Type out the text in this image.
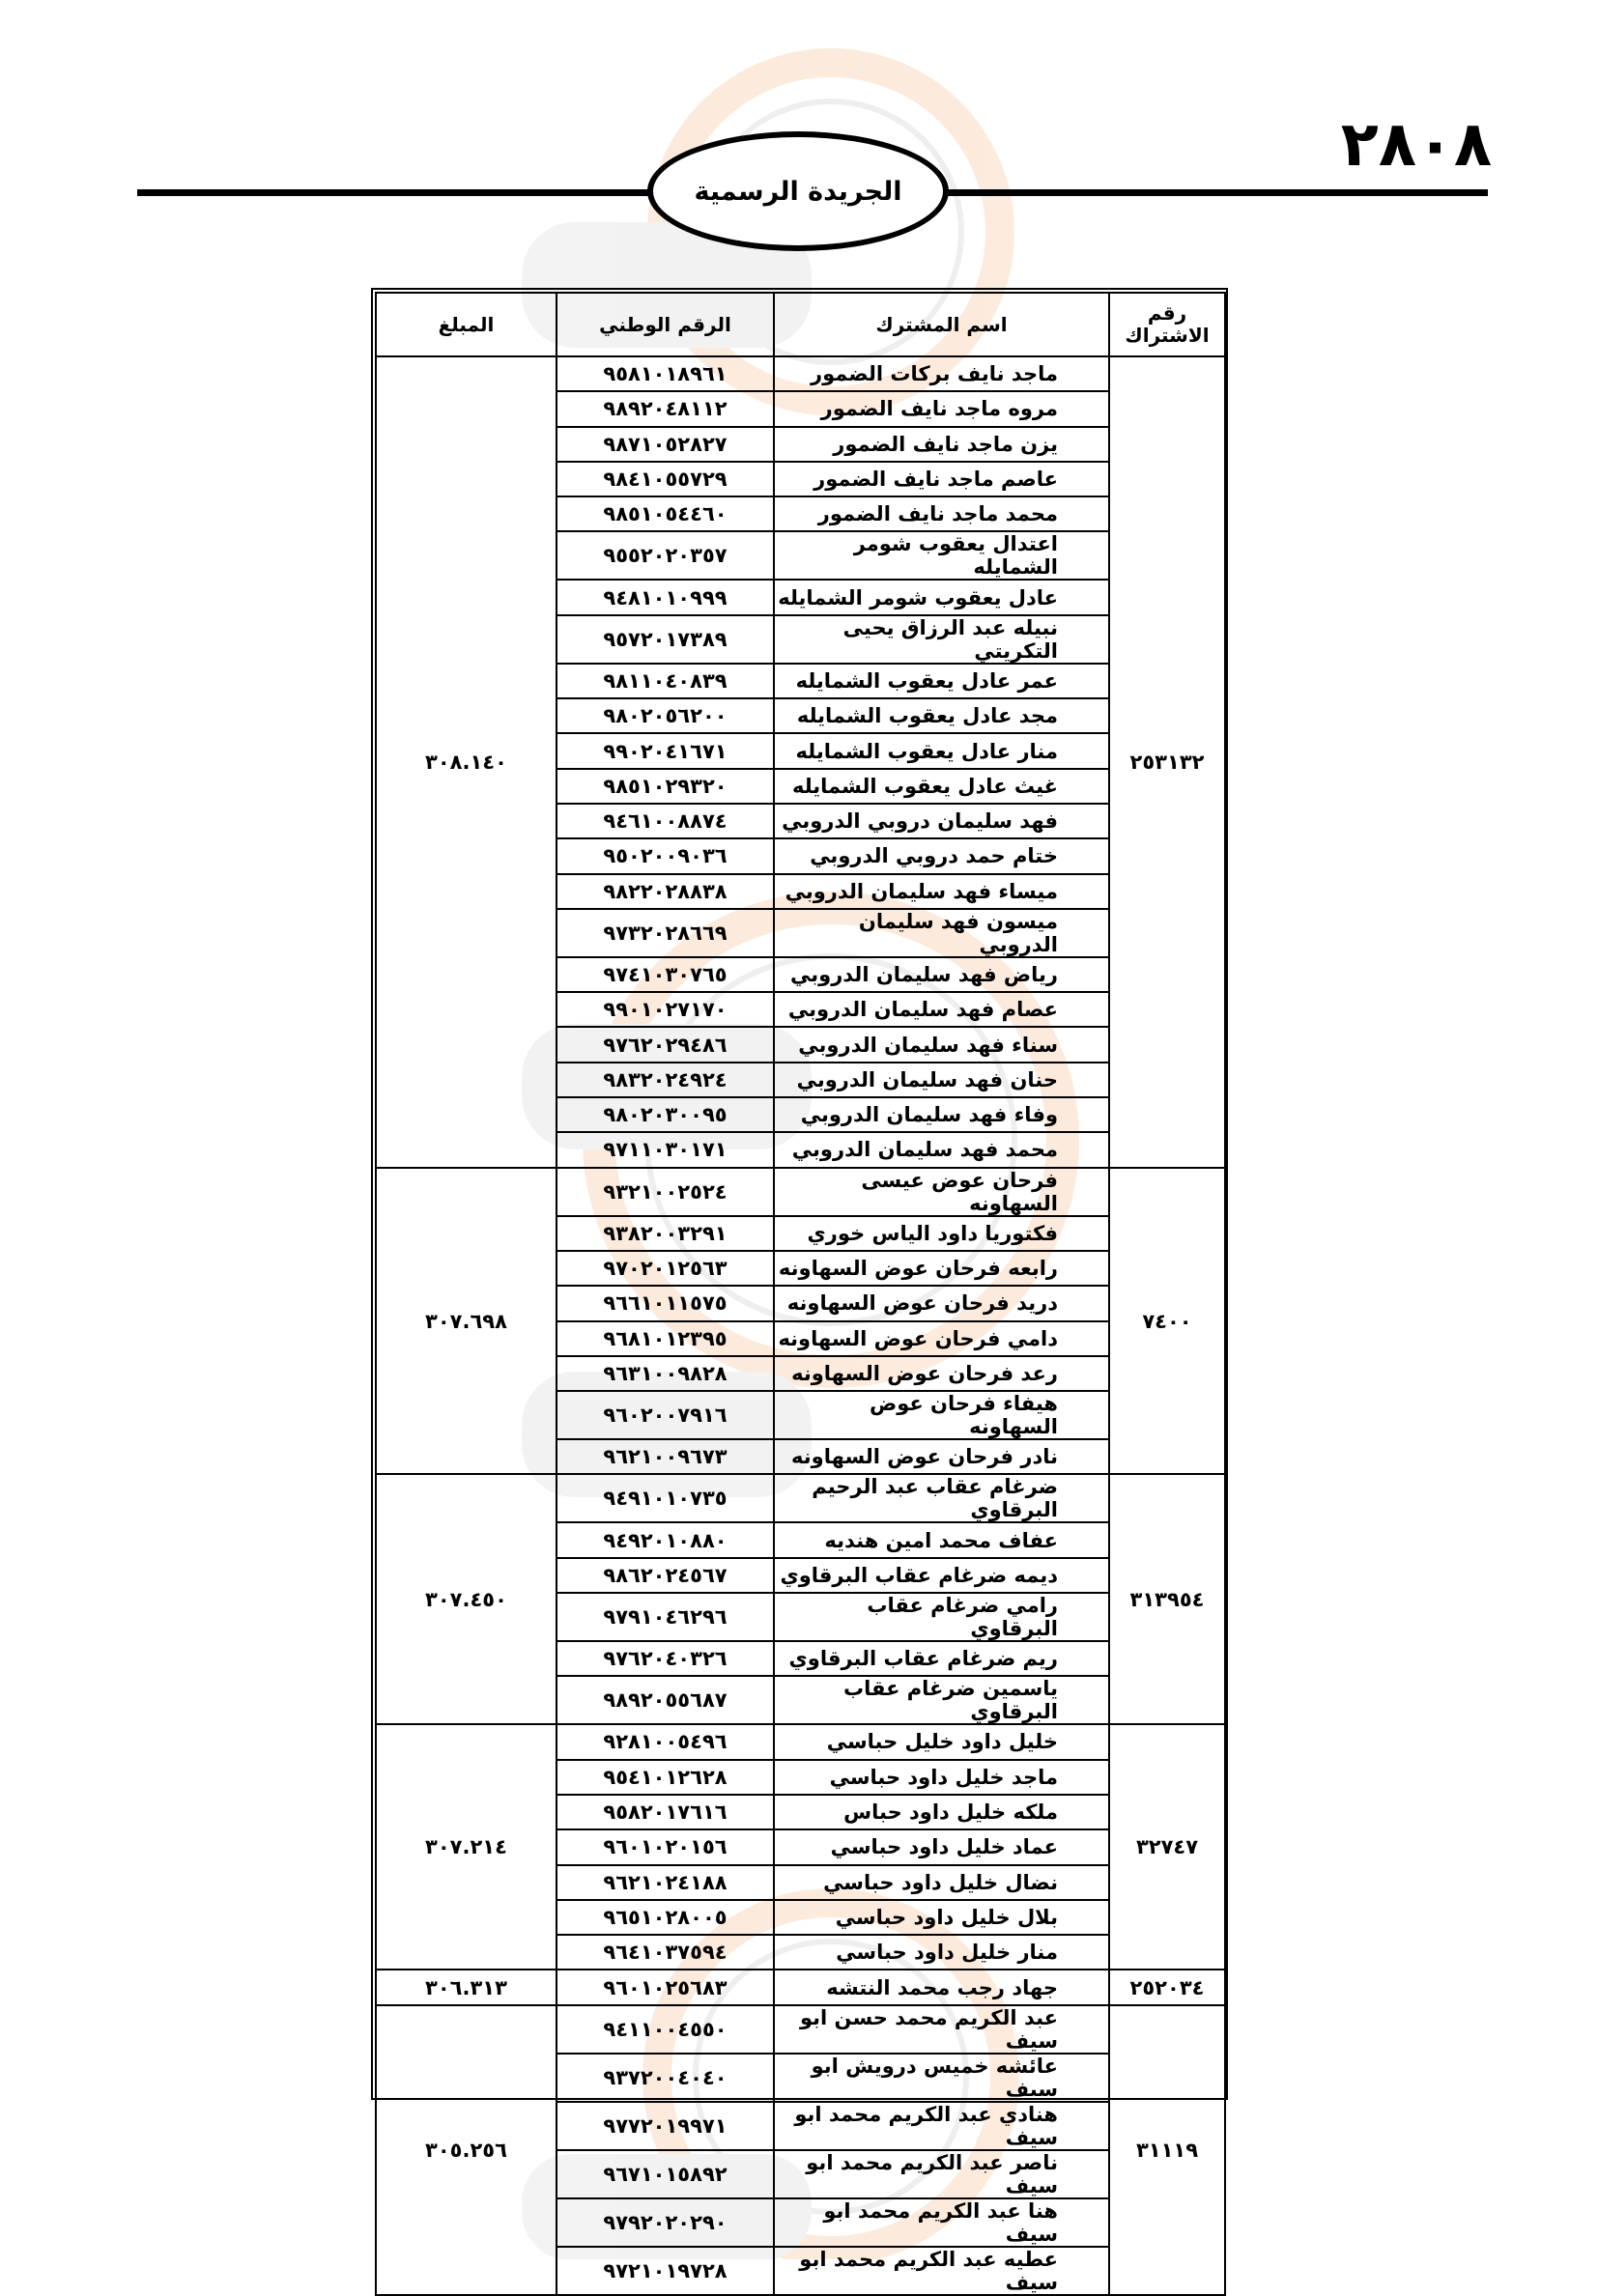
٢٨٠٨
الجريدة الرسمية
رقم الاشتراك	اسم المشترك	الرقم الوطني	المبلغ
٢٥٣١٣٢	ماجد نايف بركات الضمور	٩٥٨١٠١٨٩٦١	٣٠٨.١٤٠
	مروه ماجد نايف الضمور	٩٨٩٢٠٤٨١١٢	
	يزن ماجد نايف الضمور	٩٨٧١٠٥٢٨٢٧	
	عاصم ماجد نايف الضمور	٩٨٤١٠٥٥٧٢٩	
	محمد ماجد نايف الضمور	٩٨٥١٠٥٤٤٦٠	
	اعتدال يعقوب شومر الشمايله	٩٥٥٢٠٢٠٣٥٧	
	عادل يعقوب شومر الشمايله	٩٤٨١٠١٠٩٩٩	
	نبيله عبد الرزاق يحيى التكريتي	٩٥٧٢٠١٧٣٨٩	
	عمر عادل يعقوب الشمايله	٩٨١١٠٤٠٨٣٩	
	مجد عادل يعقوب الشمايله	٩٨٠٢٠٥٦٢٠٠	
	منار عادل يعقوب الشمايله	٩٩٠٢٠٤١٦٧١	
	غيث عادل يعقوب الشمايله	٩٨٥١٠٢٩٣٢٠	
	فهد سليمان دروبي الدروبي	٩٤٦١٠٠٨٨٧٤	
	ختام حمد دروبي الدروبي	٩٥٠٢٠٠٩٠٣٦	
	ميساء فهد سليمان الدروبي	٩٨٢٢٠٢٨٨٣٨	
	ميسون فهد سليمان الدروبي	٩٧٣٢٠٢٨٦٦٩	
	رياض فهد سليمان الدروبي	٩٧٤١٠٣٠٧٦٥	
	عصام فهد سليمان الدروبي	٩٩٠١٠٢٧١٧٠	
	سناء فهد سليمان الدروبي	٩٧٦٢٠٢٩٤٨٦	
	حنان فهد سليمان الدروبي	٩٨٣٢٠٢٤٩٢٤	
	وفاء فهد سليمان الدروبي	٩٨٠٢٠٣٠٠٩٥	
	محمد فهد سليمان الدروبي	٩٧١١٠٣٠١٧١	
٧٤٠٠	فرحان عوض عيسى السهاونه	٩٣٢١٠٠٢٥٢٤	٣٠٧.٦٩٨
	فكتوريا داود الياس خوري	٩٣٨٢٠٠٣٢٩١	
	رابعه فرحان عوض السهاونه	٩٧٠٢٠١٢٥٦٣	
	دريد فرحان عوض السهاونه	٩٦٦١٠١١٥٧٥	
	دامي فرحان عوض السهاونه	٩٦٨١٠١٢٣٩٥	
	رعد فرحان عوض السهاونه	٩٦٣١٠٠٩٨٢٨	
	هيفاء فرحان عوض السهاونه	٩٦٠٢٠٠٧٩١٦	
	نادر فرحان عوض السهاونه	٩٦٢١٠٠٩٦٧٣	
٣١٣٩٥٤	ضرغام عقاب عبد الرحيم البرقاوي	٩٤٩١٠١٠٧٣٥	٣٠٧.٤٥٠
	عفاف محمد امين هنديه	٩٤٩٢٠١٠٨٨٠	
	ديمه ضرغام عقاب البرقاوي	٩٨٦٢٠٢٤٥٦٧	
	رامي ضرغام عقاب البرقاوي	٩٧٩١٠٤٦٢٩٦	
	ريم ضرغام عقاب البرقاوي	٩٧٦٢٠٤٠٣٢٦	
	ياسمين ضرغام عقاب البرقاوي	٩٨٩٢٠٥٥٦٨٧	
٣٢٧٤٧	خليل داود خليل حباسي	٩٢٨١٠٠٥٤٩٦	٣٠٧.٢١٤
	ماجد خليل داود حباسي	٩٥٤١٠١٢٦٢٨	
	ملكه خليل داود حباس	٩٥٨٢٠١٧٦١٦	
	عماد خليل داود حباسي	٩٦٠١٠٢٠١٥٦	
	نضال خليل داود حباسي	٩٦٢١٠٢٤١٨٨	
	بلال خليل داود حباسي	٩٦٥١٠٢٨٠٠٥	
	منار خليل داود حباسي	٩٦٤١٠٣٧٥٩٤	
٢٥٢٠٣٤	جهاد رجب محمد النتشه	٩٦٠١٠٢٥٦٨٣	٣٠٦.٣١٣
٣١١١٩	عبد الكريم محمد حسن ابو سيف	٩٤١١٠٠٤٥٥٠	٣٠٥.٢٥٦
	عائشه خميس درويش ابو سيف	٩٣٧٢٠٠٤٠٤٠	
	هنادي عبد الكريم محمد ابو سيف	٩٧٧٢٠١٩٩٧١	
	ناصر عبد الكريم محمد ابو سيف	٩٦٧١٠١٥٨٩٢	
	هنا عبد الكريم محمد ابو سيف	٩٧٩٢٠٢٠٢٩٠	
	عطيه عبد الكريم محمد ابو سيف	٩٧٢١٠١٩٧٢٨	
